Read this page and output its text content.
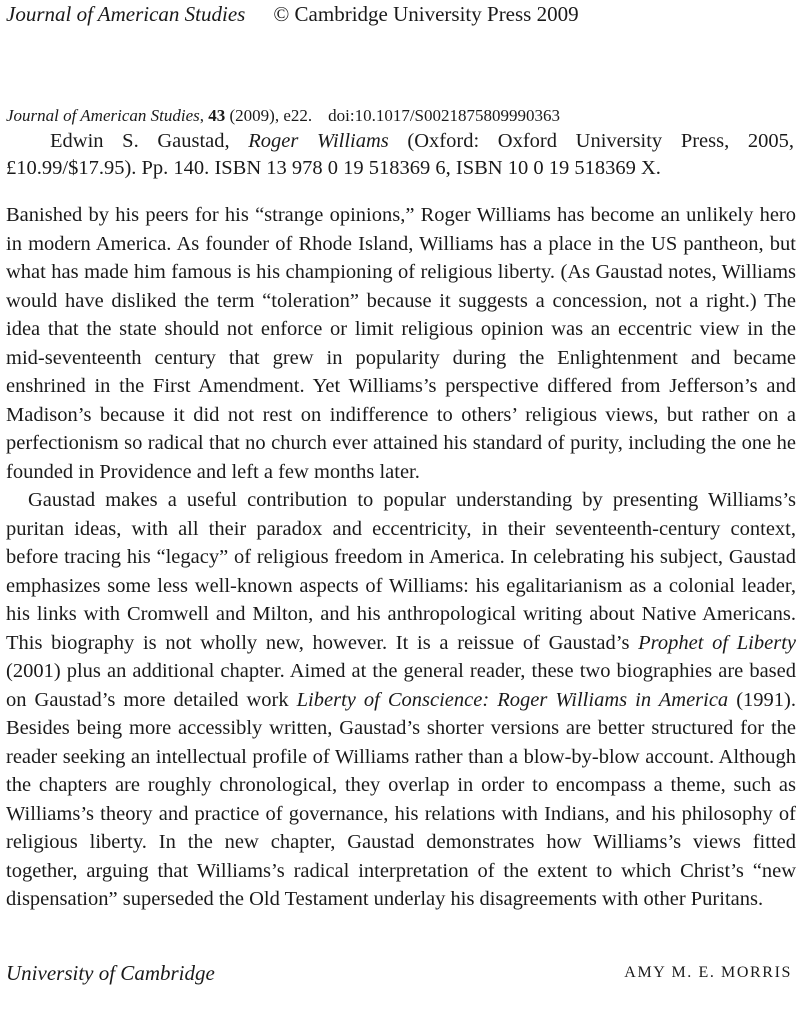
Journal of American Studies © Cambridge University Press 2009
Journal of American Studies, 43 (2009), e22. doi:10.1017/S0021875809990363
Edwin S. Gaustad, Roger Williams (Oxford: Oxford University Press, 2005, £10.99/$17.95). Pp. 140. ISBN 13 978 0 19 518369 6, ISBN 10 0 19 518369 X.

Banished by his peers for his “strange opinions,” Roger Williams has become an unlikely hero in modern America. As founder of Rhode Island, Williams has a place in the US pantheon, but what has made him famous is his championing of religious liberty. (As Gaustad notes, Williams would have disliked the term “toleration” because it suggests a concession, not a right.) The idea that the state should not enforce or limit religious opinion was an eccentric view in the mid-seventeenth century that grew in popularity during the Enlightenment and became enshrined in the First Amendment. Yet Williams’s perspective differed from Jefferson’s and Madison’s because it did not rest on indifference to others’ religious views, but rather on a perfectionism so radical that no church ever attained his standard of purity, including the one he founded in Providence and left a few months later.

Gaustad makes a useful contribution to popular understanding by presenting Williams’s puritan ideas, with all their paradox and eccentricity, in their seventeenth-century context, before tracing his “legacy” of religious freedom in America. In celebrating his subject, Gaustad emphasizes some less well-known aspects of Williams: his egalitarianism as a colonial leader, his links with Cromwell and Milton, and his anthropological writing about Native Americans. This biography is not wholly new, however. It is a reissue of Gaustad’s Prophet of Liberty (2001) plus an additional chapter. Aimed at the general reader, these two biographies are based on Gaustad’s more detailed work Liberty of Conscience: Roger Williams in America (1991). Besides being more accessibly written, Gaustad’s shorter versions are better structured for the reader seeking an intellectual profile of Williams rather than a blow-by-blow account. Although the chapters are roughly chronological, they overlap in order to encompass a theme, such as Williams’s theory and practice of governance, his relations with Indians, and his philosophy of religious liberty. In the new chapter, Gaustad demonstrates how Williams’s views fitted together, arguing that Williams’s radical interpretation of the extent to which Christ’s “new dispensation” superseded the Old Testament underlay his disagreements with other Puritans.

University of Cambridge	AMY M. E. MORRIS
